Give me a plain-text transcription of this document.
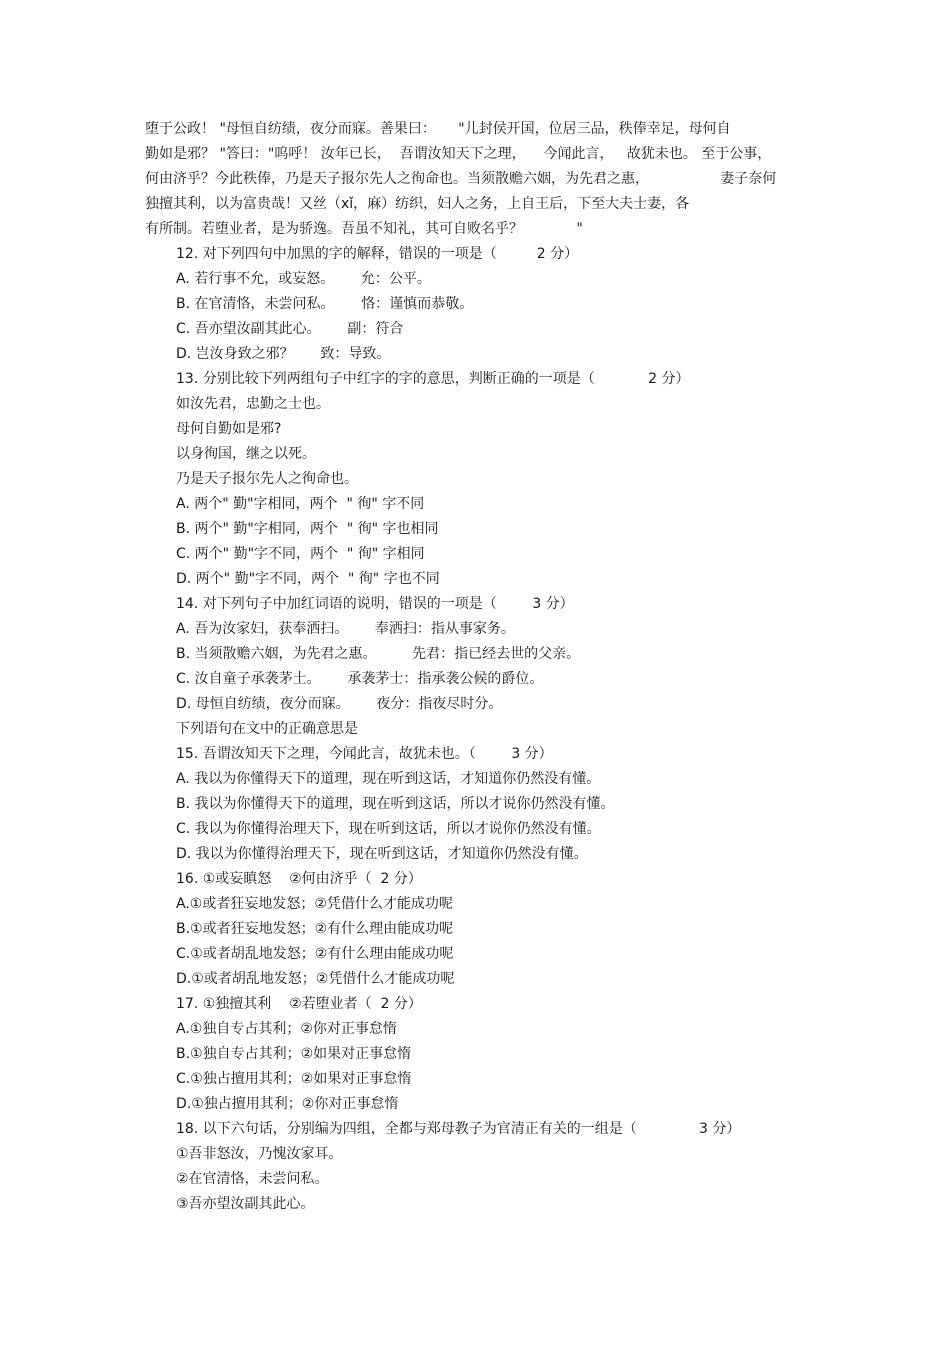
堕于公政！ "母恒自纺绩，夜分而寐。善果曰：     "儿封侯开国，位居三品，秩俸幸足，母何自
勤如是邪？ "答曰："呜呼！ 汝年已长，  吾谓汝知天下之理，    今闻此言，   故犹未也。 至于公事，
何由济乎？今此秩俸，乃是天子报尔先人之徇命也。当须散赡六姻，为先君之惠，                妻子奈何
独擅其利，以为富贵哉！又丝（xǐ，麻）纺织，妇人之务，上自王后，下至大夫士妻，各
有所制。若堕业者，是为骄逸。吾虽不知礼，其可自败名乎？            "
12. 对下列四句中加黑的字的解释，错误的一项是（         2 分）
A. 若行事不允，或妄怒。      允：公平。
B. 在官清恪，未尝问私。      恪：谨慎而恭敬。
C. 吾亦望汝副其此心。      副：符合
D. 岂汝身致之邪？      致：导致。
13. 分别比较下列两组句子中红字的字的意思，判断正确的一项是（            2 分）
如汝先君，忠勤之士也。
母何自勤如是邪?
以身徇国，继之以死。
乃是天子报尔先人之徇命也。
A. 两个" 勤"字相同，两个  " 徇" 字不同
B. 两个" 勤"字相同，两个  " 徇" 字也相同
C. 两个" 勤"字不同，两个  " 徇" 字相同
D. 两个" 勤"字不同，两个  " 徇" 字也不同
14. 对下列句子中加红词语的说明，错误的一项是（        3 分）
A. 吾为汝家妇，获奉洒扫。      奉洒扫：指从事家务。
B. 当须散赡六姻，为先君之惠。        先君：指已经去世的父亲。
C. 汝自童子承袭茅土。      承袭茅士：指承袭公候的爵位。
D. 母恒自纺绩，夜分而寐。      夜分：指夜尽时分。
下列语句在文中的正确意思是
15. 吾谓汝知天下之理，今闻此言，故犹未也。（        3 分）
A. 我以为你懂得天下的道理，现在听到这话，才知道你仍然没有懂。
B. 我以为你懂得天下的道理，现在听到这话，所以才说你仍然没有懂。
C. 我以为你懂得治理天下，现在听到这话，所以才说你仍然没有懂。
D. 我以为你懂得治理天下，现在听到这话，才知道你仍然没有懂。
16. ①或妄瞋怒    ②何由济乎（  2 分）
A.①或者狂妄地发怒；②凭借什么才能成功呢
B.①或者狂妄地发怒；②有什么理由能成功呢
C.①或者胡乱地发怒；②有什么理由能成功呢
D.①或者胡乱地发怒；②凭借什么才能成功呢
17. ①独擅其利    ②若堕业者（  2 分）
A.①独自专占其利；②你对正事怠惰
B.①独自专占其利；②如果对正事怠惰
C.①独占擅用其利；②如果对正事怠惰
D.①独占擅用其利；②你对正事怠惰
18. 以下六句话，分别编为四组，全都与郑母教子为官清正有关的一组是（              3 分）
①吾非怒汝，乃愧汝家耳。
②在官清恪，未尝问私。
③吾亦望汝副其此心。
